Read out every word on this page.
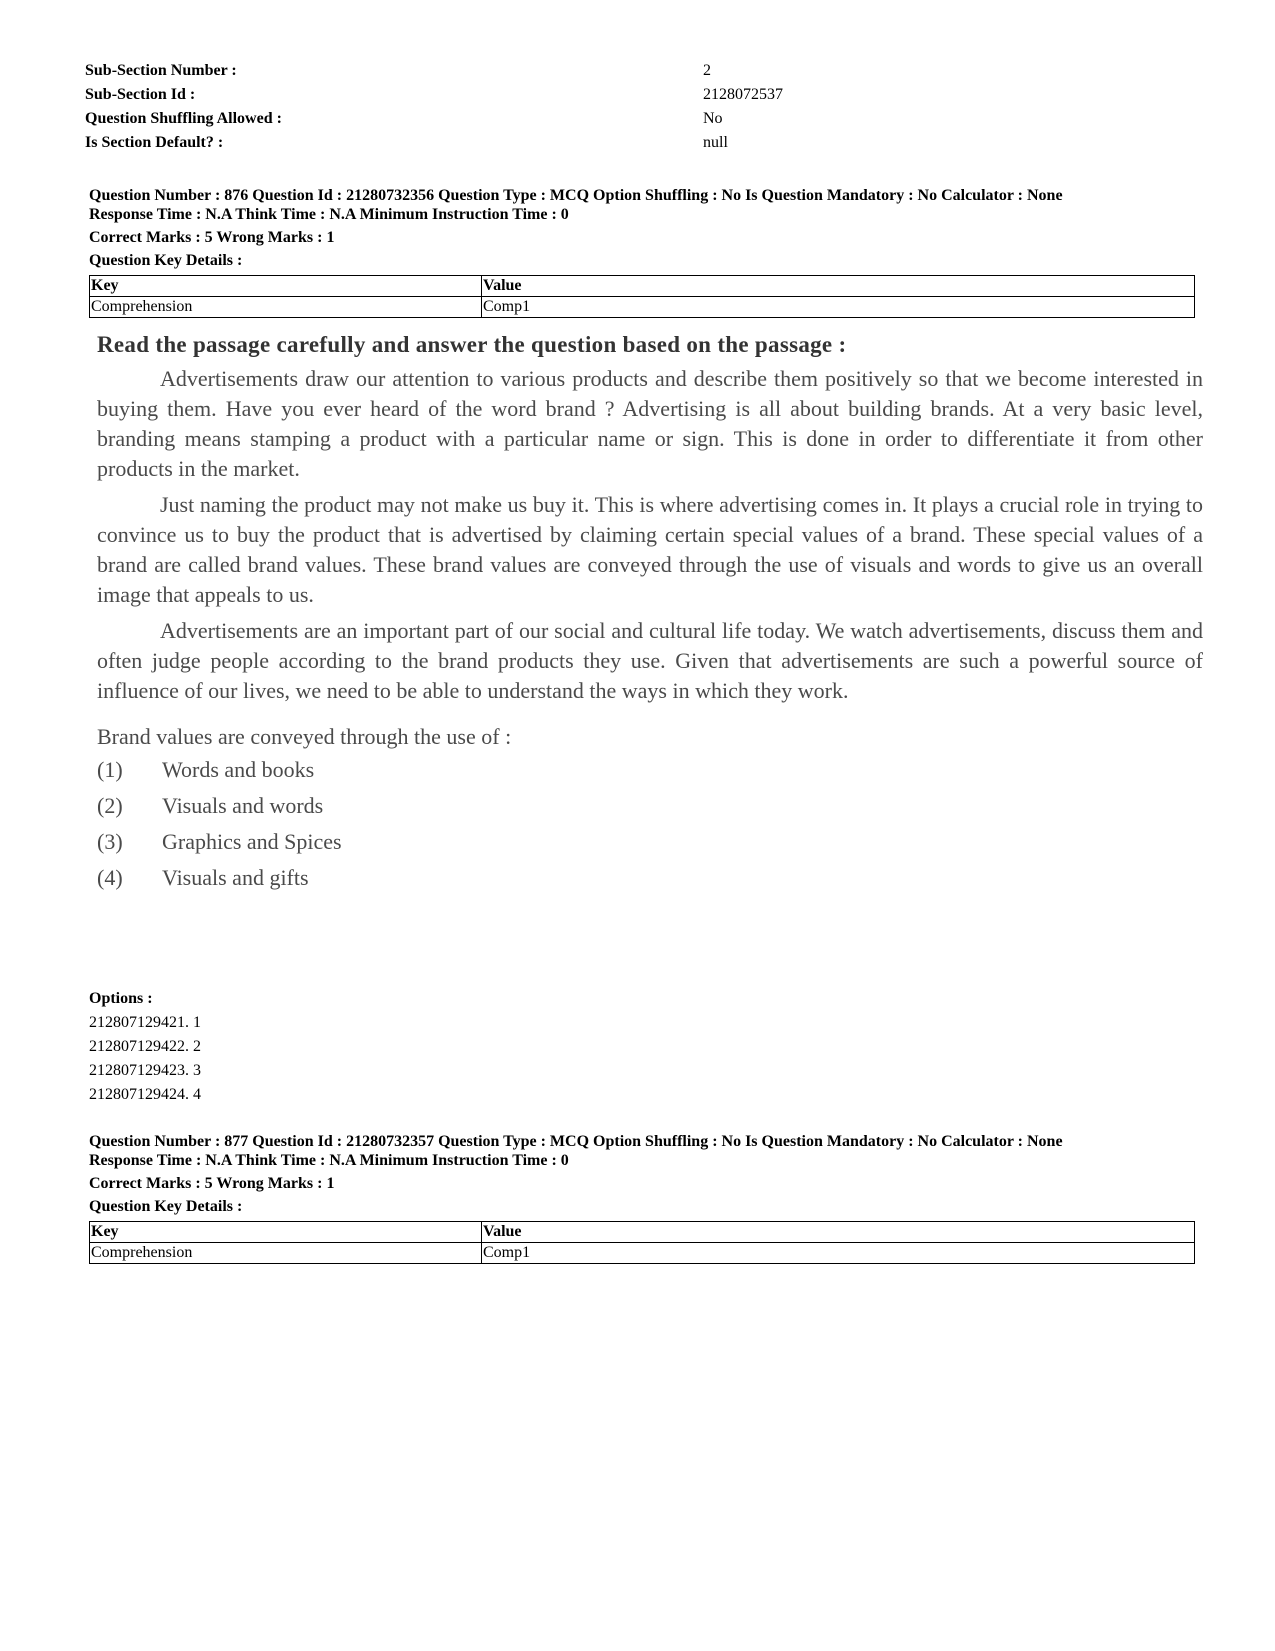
Sub-Section Number :	2
Sub-Section Id :	2128072537
Question Shuffling Allowed :	No
Is Section Default? :	null
Question Number : 876 Question Id : 21280732356 Question Type : MCQ Option Shuffling : No Is Question Mandatory : No Calculator : None
Response Time : N.A Think Time : N.A Minimum Instruction Time : 0
Correct Marks : 5 Wrong Marks : 1
Question Key Details :
Key	Value
Comprehension	Comp1
Read the passage carefully and answer the question based on the passage :

Advertisements draw our attention to various products and describe them positively so that we become interested in buying them. Have you ever heard of the word brand ? Advertising is all about building brands. At a very basic level, branding means stamping a product with a particular name or sign. This is done in order to differentiate it from other products in the market.

Just naming the product may not make us buy it. This is where advertising comes in. It plays a crucial role in trying to convince us to buy the product that is advertised by claiming certain special values of a brand. These special values of a brand are called brand values. These brand values are conveyed through the use of visuals and words to give us an overall image that appeals to us.

Advertisements are an important part of our social and cultural life today. We watch advertisements, discuss them and often judge people according to the brand products they use. Given that advertisements are such a powerful source of influence of our lives, we need to be able to understand the ways in which they work.

Brand values are conveyed through the use of :
(1) Words and books
(2) Visuals and words
(3) Graphics and Spices
(4) Visuals and gifts
Options :
212807129421. 1
212807129422. 2
212807129423. 3
212807129424. 4
Question Number : 877 Question Id : 21280732357 Question Type : MCQ Option Shuffling : No Is Question Mandatory : No Calculator : None
Response Time : N.A Think Time : N.A Minimum Instruction Time : 0
Correct Marks : 5 Wrong Marks : 1
Question Key Details :
Key	Value
Comprehension	Comp1
